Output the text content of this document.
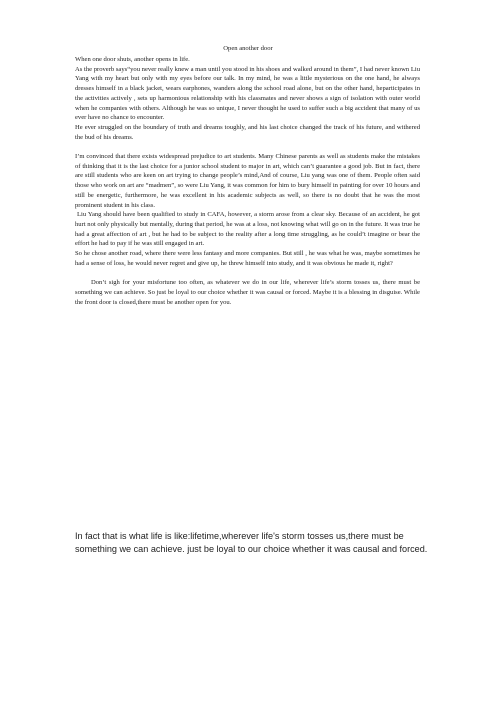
Open another door

When one door shuts, another opens in life.

As the proverb says“you never really knew a man until you stood in his shoes and walked around in them”, I had never known Liu Yang with my heart but only with my eyes before our talk. In my mind, he was a little mysterious on the one hand, he always dresses himself in a black jacket, wears earphones, wanders along the school road alone, but on the other hand, heparticipates in the activities actively , sets up harmonious relationship with his classmates and never shows a sign of isolation with outer world when he companies with others. Although he was so unique, I never thought he used to suffer such a big accident that many of us ever have no chance to encounter.

He ever struggled on the boundary of truth and dreams toughly, and his last choice changed the track of his future, and withered the bud of his dreams.

I’m convinced that there exists widespread prejudice to art students. Many Chinese parents as well as students make the mistakes of thinking that it is the last choice for a junior school student to major in art, which can’t guarantee a good job. But in fact, there are still students who are keen on art trying to change people’s mind,And of course, Liu yang was one of them. People often said those who work on art are “madmen”, so were Liu Yang, it was common for him to bury himself in painting for over 10 hours and still be energetic, furthermore, he was excellent in his academic subjects as well, so there is no doubt that he was the most prominent student in his class.

Liu Yang should have been qualified to study in CAFA, however, a storm arose from a clear sky. Because of an accident, he got hurt not only physically but mentally, during that period, he was at a loss, not knowing what will go on in the future. It was true he had a great affection of art , but he had to be subject to the reality after a long time struggling, as he could’t imagine or bear the effort he had to pay if he was still engaged in art.

So he chose another road, where there were less fantasy and more companies. But still , he was what he was, maybe sometimes he had a sense of loss, he would never regret and give up, he threw himself into study, and it was obvious he made it, right?

Don’t sigh for your misfortune too often, as whatever we do in our life, wherever life’s storm tosses us, there must be something we can achieve. So just be loyal to our choice whether it was causal or forced. Maybe it is a blessing in disguise. While the front door is closed,there must be another open for you.

In fact that is what life is like:lifetime,wherever life's storm tosses us,there must be something we can achieve. just be loyal to our choice whether it was causal and forced.
